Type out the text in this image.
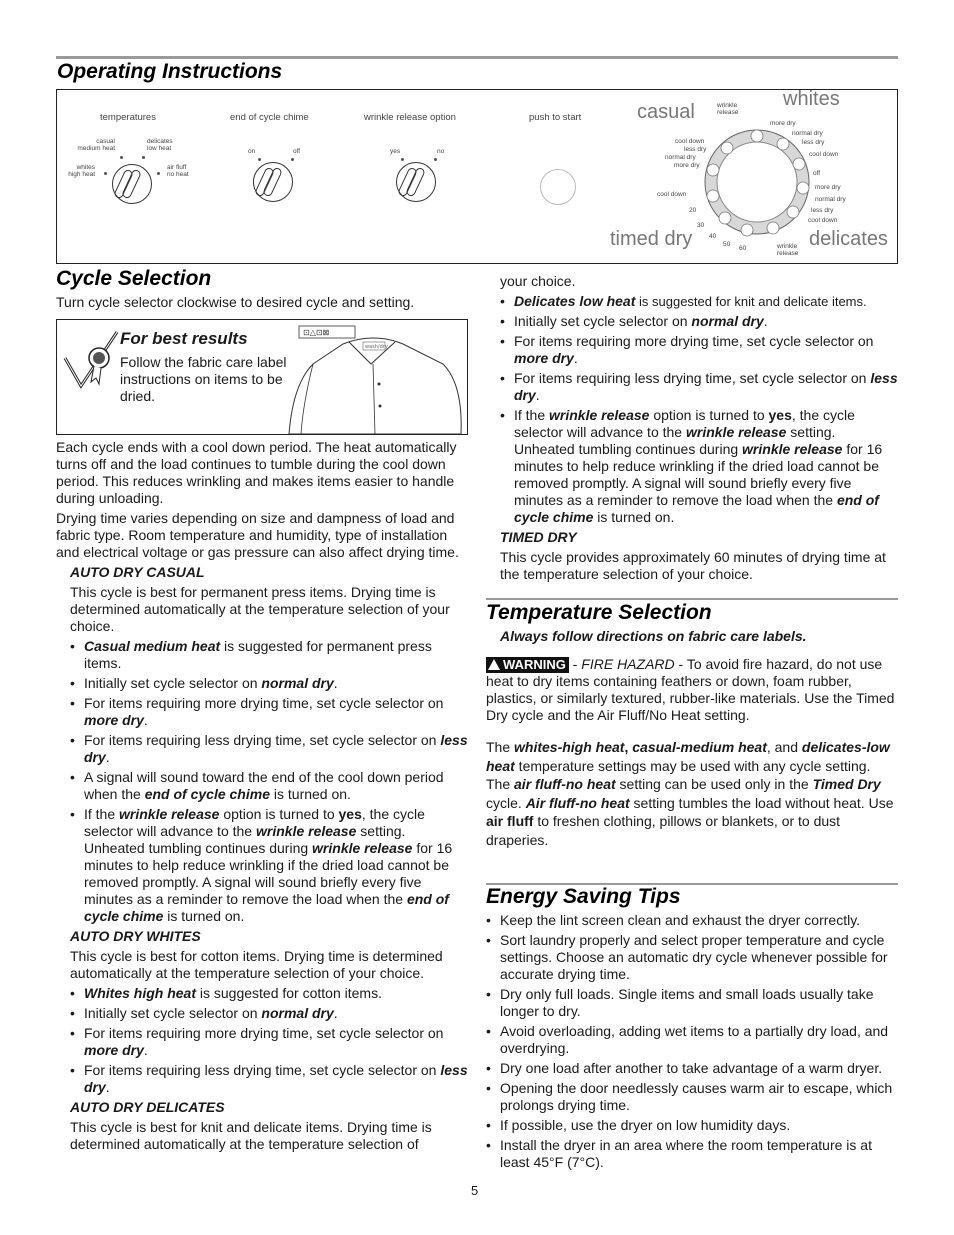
Operating Instructions
temperatures	end of cycle chime	wrinkle release option	push to start
casual
medium heat
delicates
low heat
whites
high heat
air fluff
no heat
on	off	yes	no
casual
whites
timed dry	delicates
wrinkle
release
more dry
normal dry
less dry
cool down
less dry
normal dry
more dry
cool down
off
more dry
normal dry
less dry
cool down
cool down
20
30
40
50
60	wrinkle
release
Cycle Selection

Turn cycle selector clockwise to desired cycle and setting.

For best results

Follow the fabric care label instructions on items to be dried.

⊡△⊡⊠
wash/dry

Each cycle ends with a cool down period. The heat automatically turns off and the load continues to tumble during the cool down period. This reduces wrinkling and makes items easier to handle during unloading.

Drying time varies depending on size and dampness of load and fabric type. Room temperature and humidity, type of installation and electrical voltage or gas pressure can also affect drying time.

AUTO DRY CASUAL

This cycle is best for permanent press items. Drying time is determined automatically at the temperature selection of your choice.

• Casual medium heat is suggested for permanent press items.
• Initially set cycle selector on normal dry.
• For items requiring more drying time, set cycle selector on more dry.
• For items requiring less drying time, set cycle selector on less dry.
• A signal will sound toward the end of the cool down period when the end of cycle chime is turned on.
• If the wrinkle release option is turned to yes, the cycle selector will advance to the wrinkle release setting. Unheated tumbling continues during wrinkle release for 16 minutes to help reduce wrinkling if the dried load cannot be removed promptly. A signal will sound briefly every five minutes as a reminder to remove the load when the end of cycle chime is turned on.
AUTO DRY WHITES

This cycle is best for cotton items. Drying time is determined automatically at the temperature selection of your choice.

• Whites high heat is suggested for cotton items.
• Initially set cycle selector on normal dry.
• For items requiring more drying time, set cycle selector on more dry.
• For items requiring less drying time, set cycle selector on less dry.
AUTO DRY DELICATES

This cycle is best for knit and delicate items. Drying time is determined automatically at the temperature selection of

your choice.

• Delicates low heat is suggested for knit and delicate items.
• Initially set cycle selector on normal dry.
• For items requiring more drying time, set cycle selector on more dry.
• For items requiring less drying time, set cycle selector on less dry.
• If the wrinkle release option is turned to yes, the cycle selector will advance to the wrinkle release setting. Unheated tumbling continues during wrinkle release for 16 minutes to help reduce wrinkling if the dried load cannot be removed promptly. A signal will sound briefly every five minutes as a reminder to remove the load when the end of cycle chime is turned on.
TIMED DRY

This cycle provides approximately 60 minutes of drying time at the temperature selection of your choice.

Temperature Selection
Always follow directions on fabric care labels.

WARNING - FIRE HAZARD - To avoid fire hazard, do not use heat to dry items containing feathers or down, foam rubber, plastics, or similarly textured, rubber-like materials. Use the Timed Dry cycle and the Air Fluff/No Heat setting.

The whites-high heat, casual-medium heat, and delicates-low heat temperature settings may be used with any cycle setting. The air fluff-no heat setting can be used only in the Timed Dry cycle. Air fluff-no heat setting tumbles the load without heat. Use air fluff to freshen clothing, pillows or blankets, or to dust draperies.

Energy Saving Tips
• Keep the lint screen clean and exhaust the dryer correctly.
• Sort laundry properly and select proper temperature and cycle settings. Choose an automatic dry cycle whenever possible for accurate drying time.
• Dry only full loads. Single items and small loads usually take longer to dry.
• Avoid overloading, adding wet items to a partially dry load, and overdrying.
• Dry one load after another to take advantage of a warm dryer.
• Opening the door needlessly causes warm air to escape, which prolongs drying time.
• If possible, use the dryer on low humidity days.
• Install the dryer in an area where the room temperature is at least 45°F (7°C).
5
